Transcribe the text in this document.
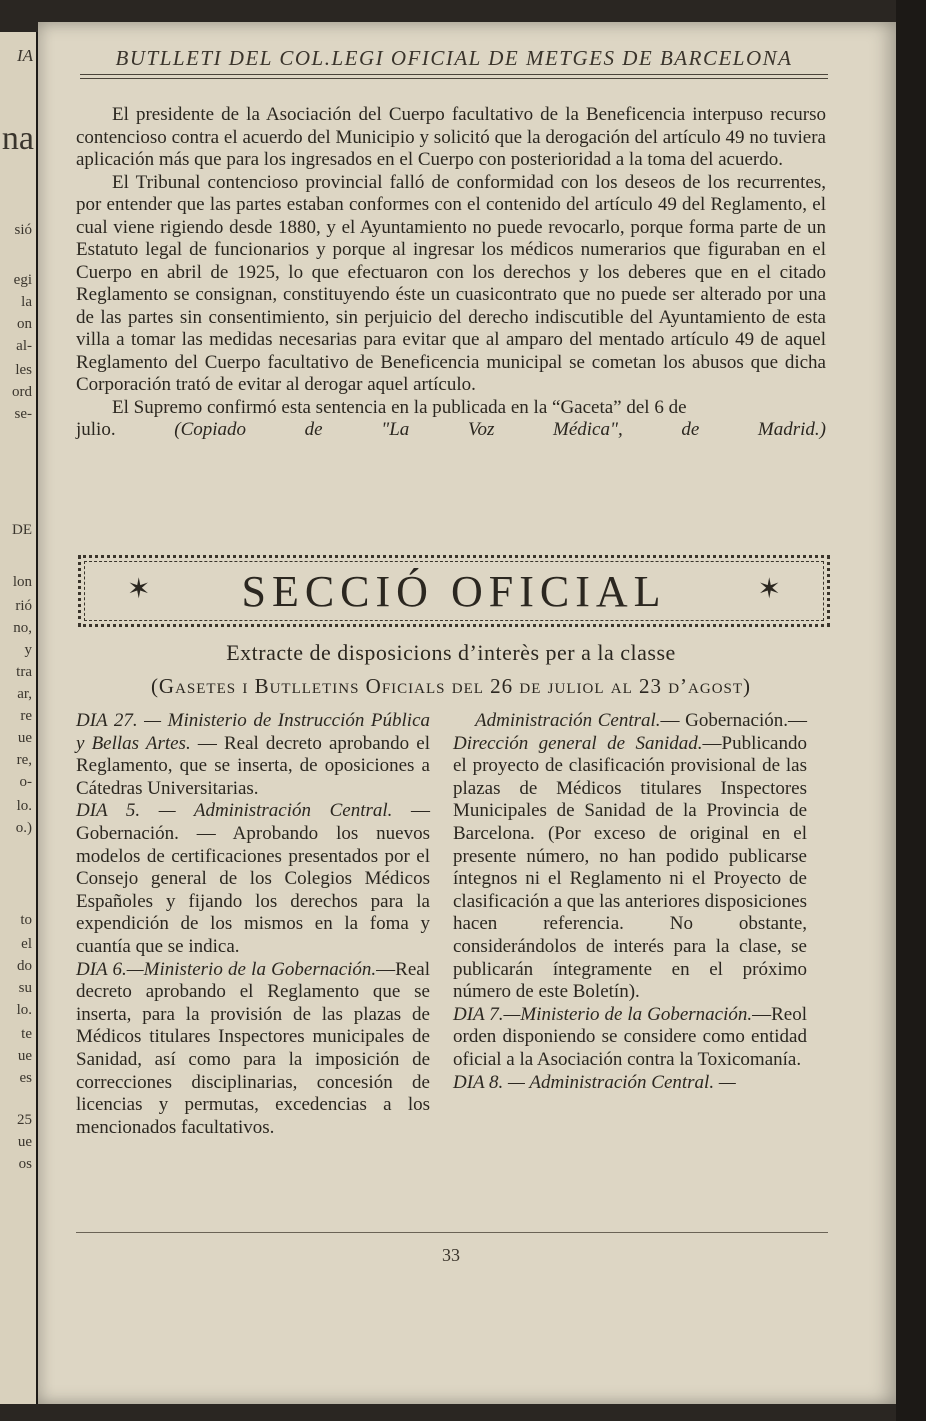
IA
na
sió
egi
la
on
al-
les
ord
se-
DE
lon
rió
no,
y
tra
ar,
re
ue
re,
o-
lo.
o.)
to
el
do
su
lo.
te
ue
es
25
ue
os
BUTLLETI DEL COL.LEGI OFICIAL DE METGES DE BARCELONA

El presidente de la Asociación del Cuerpo facultativo de la Beneficencia interpuso recurso contencioso contra el acuerdo del Municipio y solicitó que la derogación del artículo 49 no tuviera aplicación más que para los ingresados en el Cuerpo con posterioridad a la toma del acuerdo.

El Tribunal contencioso provincial falló de conformidad con los deseos de los recurrentes, por entender que las partes estaban conformes con el contenido del artículo 49 del Reglamento, el cual viene rigiendo desde 1880, y el Ayuntamiento no puede revocarlo, porque forma parte de un Estatuto legal de funcionarios y porque al ingresar los médicos numerarios que figuraban en el Cuerpo en abril de 1925, lo que efectuaron con los derechos y los deberes que en el citado Reglamento se consignan, constituyendo éste un cuasicontrato que no puede ser alterado por una de las partes sin consentimiento, sin perjuicio del derecho indiscutible del Ayuntamiento de esta villa a tomar las medidas necesarias para evitar que al amparo del mentado artículo 49 de aquel Reglamento del Cuerpo facultativo de Beneficencia municipal se cometan los abusos que dicha Corporación trató de evitar al derogar aquel artículo.

El Supremo confirmó esta sentencia en la publicada en la “Gaceta” del 6 de

julio.	(Copiado de "La Voz Médica", de Madrid.)

✶ SECCIÓ OFICIAL	✶
Extracte de disposicions d’interès per a la classe
(Gasetes i Butlletins Oficials del 26 de juliol al 23 d’agost)

DIA 27. — Ministerio de Instrucción Pública y Bellas Artes. — Real decreto aprobando el Reglamento, que se inserta, de oposiciones a Cátedras Universitarias.

DIA 5. — Administración Central. — Gobernación. — Aprobando los nuevos modelos de certificaciones presentados por el Consejo general de los Colegios Médicos Españoles y fijando los derechos para la expendición de los mismos en la foma y cuantía que se indica.

DIA 6.—Ministerio de la Gobernación.—Real decreto aprobando el Reglamento que se inserta, para la provisión de las plazas de Médicos titulares Inspectores municipales de Sanidad, así como para la imposición de correcciones disciplinarias, concesión de licencias y permutas, excedencias a los mencionados facultativos.

Administración Central.— Gobernación.—Dirección general de Sanidad.—Publicando el proyecto de clasificación provisional de las plazas de Médicos titulares Inspectores Municipales de Sanidad de la Provincia de Barcelona. (Por exceso de original en el presente número, no han podido publicarse íntegnos ni el Reglamento ni el Proyecto de clasificación a que las anteriores disposiciones hacen referencia. No obstante, considerándolos de interés para la clase, se publicarán íntegramente en el próximo número de este Boletín).

DIA 7.—Ministerio de la Gobernación.—Reol orden disponiendo se considere como entidad oficial a la Asociación contra la Toxicomanía.

DIA 8. — Administración Central. —

33
